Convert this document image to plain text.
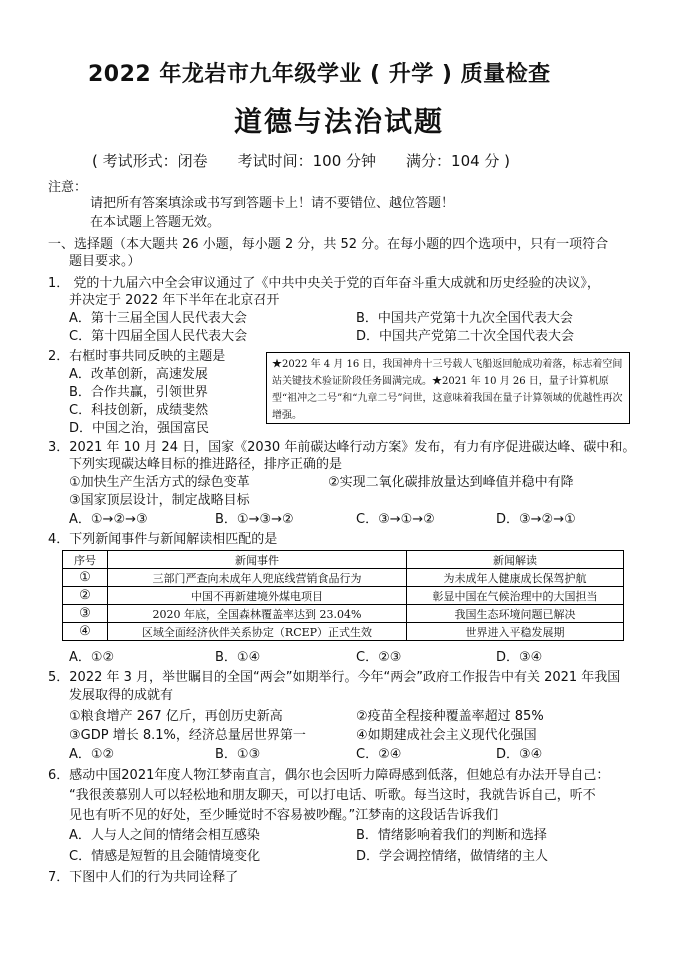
2022 年龙岩市九年级学业 ( 升学 ) 质量检查
道德与法治试题
( 考试形式：闭卷　　考试时间：100 分钟　　满分：104 分 )
注意：
请把所有答案填涂或书写到答题卡上！请不要错位、越位答题！
在本试题上答题无效。
一、选择题（本大题共 26 小题，每小题 2 分，共 52 分。在每小题的四个选项中，只有一项符合
题目要求。）
1． 党的十九届六中全会审议通过了《中共中央关于党的百年奋斗重大成就和历史经验的决议》，
并决定于 2022 年下半年在北京召开
A．第十三届全国人民代表大会	B．中国共产党第十九次全国代表大会
C．第十四届全国人民代表大会	D．中国共产党第二十次全国代表大会
2．右框时事共同反映的主题是
A．改革创新，高速发展
B．合作共赢，引领世界
C．科技创新，成绩斐然
D．中国之治，强国富民
★2022 年 4 月 16 日，我国神舟十三号载人飞船返回舱成功着落，标志着空间站关键技术验证阶段任务圆满完成。★2021 年 10 月 26 日，量子计算机原型“祖冲之二号”和“九章二号”问世，这意味着我国在量子计算领域的优越性再次增强。
3．2021 年 10 月 24 日，国家《2030 年前碳达峰行动方案》发布，有力有序促进碳达峰、碳中和。
下列实现碳达峰目标的推进路径，排序正确的是
①加快生产生活方式的绿色变革	②实现二氧化碳排放量达到峰值并稳中有降
③国家顶层设计，制定战略目标
A．①→②→③	B．①→③→②	C．③→①→②	D．③→②→①
4．下列新闻事件与新闻解读相匹配的是
序号	新闻事件	新闻解读
①	三部门严查向未成年人兜底线营销食品行为	为未成年人健康成长保驾护航
②	中国不再新建境外煤电项目	彰显中国在气候治理中的大国担当
③	2020 年底，全国森林覆盖率达到 23.04%	我国生态环境问题已解决
④	区域全面经济伙伴关系协定（RCEP）正式生效	世界进入平稳发展期
A．①②	B．①④	C．②③	D．③④
5．2022 年 3 月，举世瞩目的全国“两会”如期举行。今年“两会”政府工作报告中有关 2021 年我国
发展取得的成就有
①粮食增产 267 亿斤，再创历史新高	②疫苗全程接种覆盖率超过 85%
③GDP 增长 8.1%，经济总量居世界第一	④如期建成社会主义现代化强国
A．①②	B．①③	C．②④	D．③④
6．感动中国2021年度人物江梦南直言，偶尔也会因听力障碍感到低落，但她总有办法开导自己：
“我很羡慕别人可以轻松地和朋友聊天，可以打电话、听歌。每当这时，我就告诉自己，听不
见也有听不见的好处，至少睡觉时不容易被吵醒。”江梦南的这段话告诉我们
A．人与人之间的情绪会相互感染	B．情绪影响着我们的判断和选择
C．情感是短暂的且会随情境变化	D．学会调控情绪，做情绪的主人
7．下图中人们的行为共同诠释了
